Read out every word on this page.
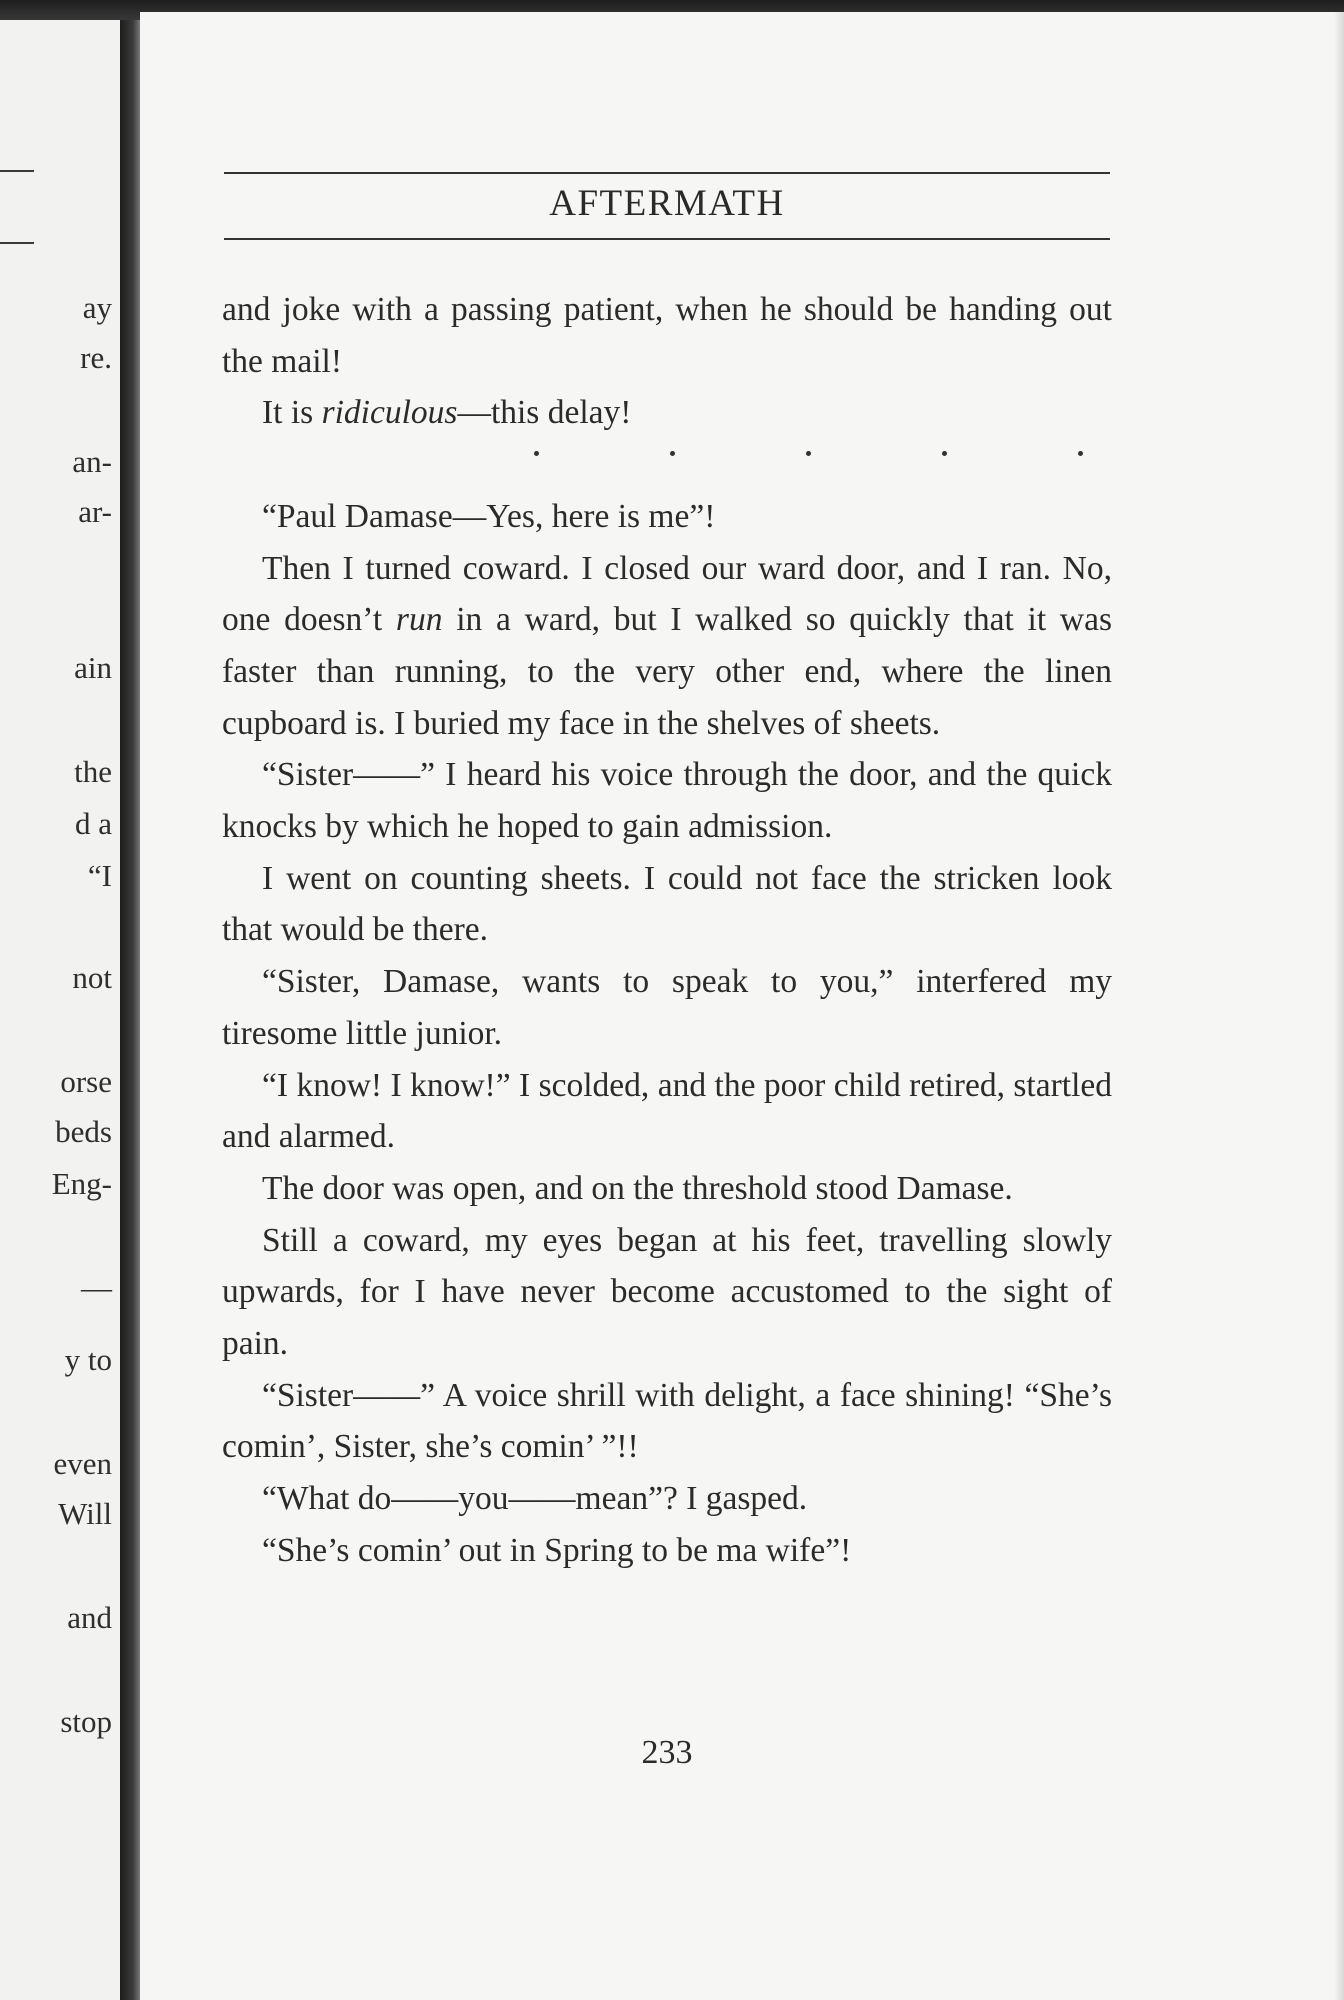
ay
re.
an-
ar-
ain
the
d a
“I
not
orse
beds
Eng-
—
y to
even
Will
and
stop
AFTERMATH

and joke with a passing patient, when he should be handing out the mail!

It is ridiculous—this delay!

“Paul Damase—Yes, here is me”!

Then I turned coward. I closed our ward door, and I ran. No, one doesn’t run in a ward, but I walked so quickly that it was faster than running, to the very other end, where the linen cupboard is. I buried my face in the shelves of sheets.

“Sister——” I heard his voice through the door, and the quick knocks by which he hoped to gain admission.

I went on counting sheets. I could not face the stricken look that would be there.

“Sister, Damase, wants to speak to you,” interfered my tiresome little junior.

“I know! I know!” I scolded, and the poor child retired, startled and alarmed.

The door was open, and on the threshold stood Damase.

Still a coward, my eyes began at his feet, travelling slowly upwards, for I have never become accustomed to the sight of pain.

“Sister——” A voice shrill with delight, a face shining! “She’s comin’, Sister, she’s comin’ ”!!

“What do——you——mean”? I gasped.

“She’s comin’ out in Spring to be ma wife”!

233
